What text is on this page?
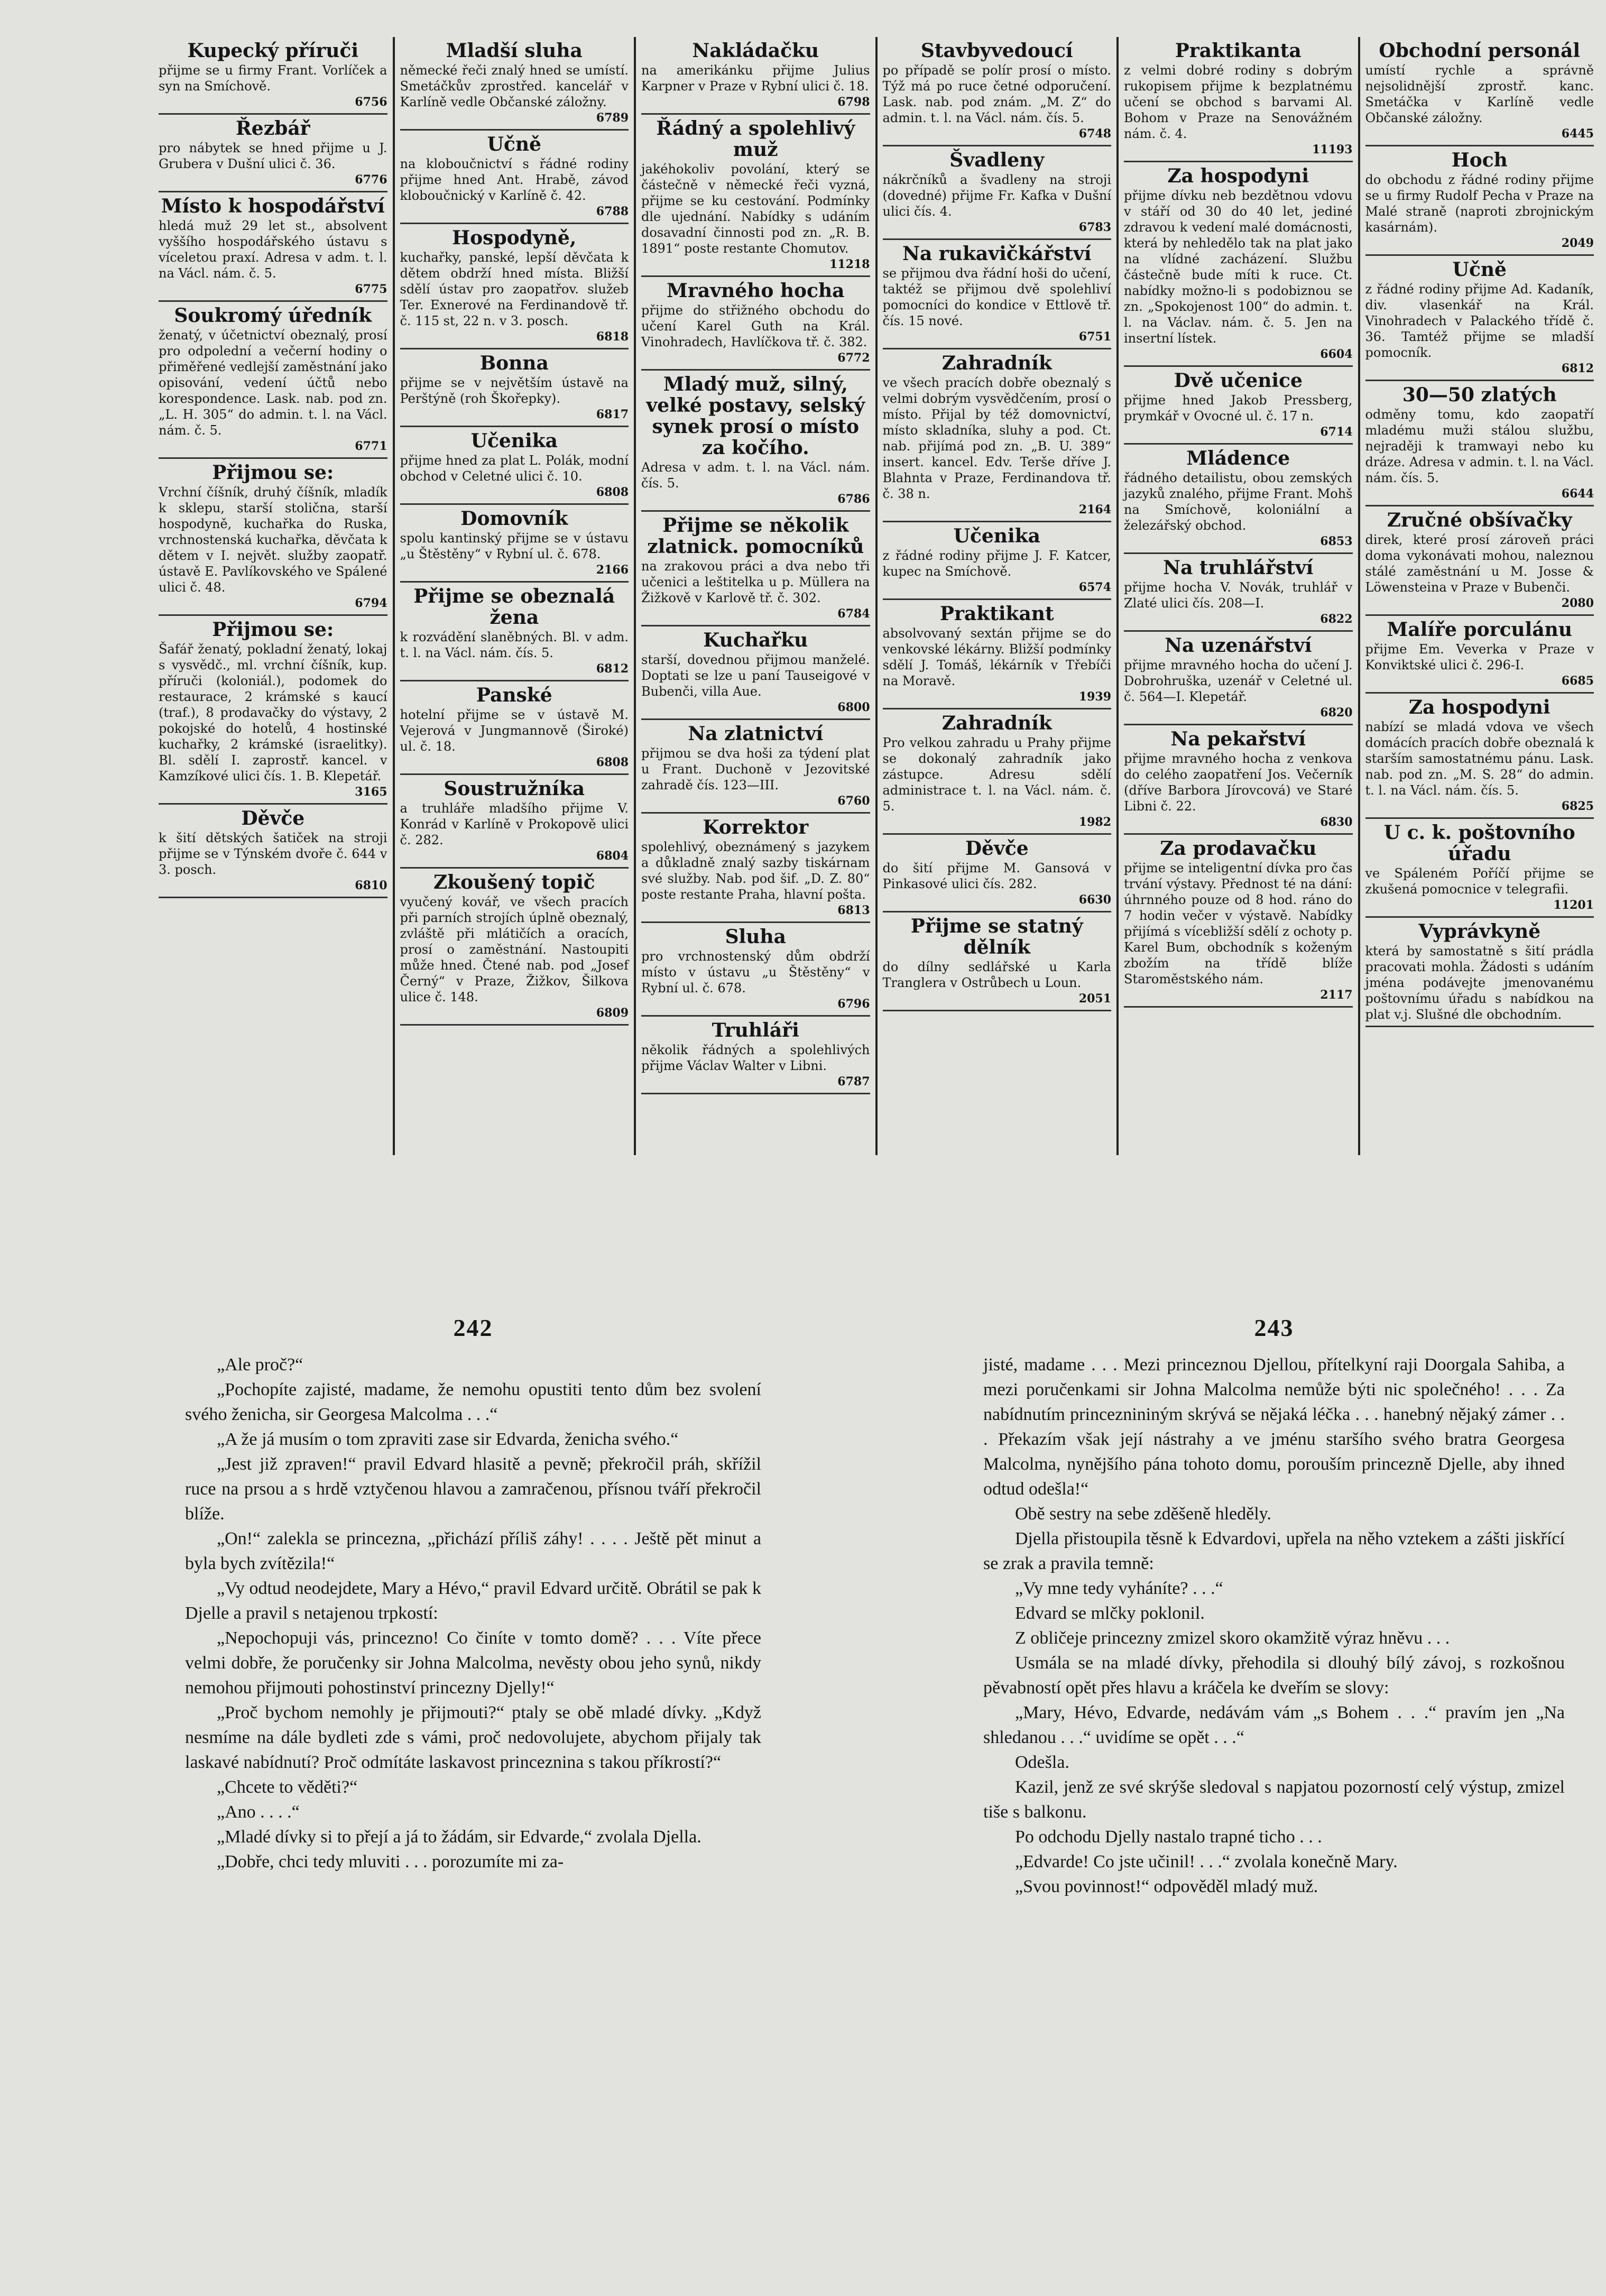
Kupecký příruči
přijme se u firmy Frant. Vorlíček a syn na Smíchově.
6756
Řezbář
pro nábytek se hned přijme u J. Grubera v Dušní ulici č. 36.
6776
Místo k hospodářství
hledá muž 29 let st., absolvent vyššího hospodářského ústavu s víceletou praxí. Adresa v adm. t. l. na Václ. nám. č. 5.
6775
Soukromý úředník
ženatý, v účetnictví obeznalý, prosí pro odpolední a večerní hodiny o přiměřené vedlejší zaměstnání jako opisování, vedení účtů nebo korespondence. Lask. nab. pod zn. „L. H. 305“ do admin. t. l. na Václ. nám. č. 5.
6771
Přijmou se:
Vrchní číšník, druhý číšník, mladík k sklepu, starší stolična, starší hospodyně, kuchařka do Ruska, vrchnostenská kuchařka, děvčata k dětem v I. největ. služby zaopatř. ústavě E. Pavlíkovského ve Spálené ulici č. 48.
6794
Přijmou se:
Šafář ženatý, pokladní ženatý, lokaj s vysvědč., ml. vrchní číšník, kup. příruči (koloniál.), podomek do restaurace, 2 krámské s kaucí (traf.), 8 prodavačky do výstavy, 2 pokojské do hotelů, 4 hostinské kuchařky, 2 krámské (israelitky). Bl. sdělí I. zaprostř. kancel. v Kamzíkové ulici čís. 1. B. Klepetář.
3165
Děvče
k šití dětských šatiček na stroji přijme se v Týnském dvoře č. 644 v 3. posch.
6810
Mladší sluha
německé řeči znalý hned se umístí. Smetáčkův zprostřed. kancelář v Karlíně vedle Občanské záložny.
6789
Učně
na kloboučnictví s řádné rodiny přijme hned Ant. Hrabě, závod kloboučnický v Karlíně č. 42.
6788
Hospodyně,
kuchařky, panské, lepší děvčata k dětem obdrží hned místa. Bližší sdělí ústav pro zaopatřov. služeb Ter. Exnerové na Ferdinandově tř. č. 115 st, 22 n. v 3. posch.
6818
Bonna
přijme se v největším ústavě na Perštýně (roh Škořepky).
6817
Učenika
přijme hned za plat L. Polák, modní obchod v Celetné ulici č. 10.
6808
Domovník
spolu kantinský přijme se v ústavu „u Štěstěny“ v Rybní ul. č. 678.
2166
Přijme se obeznalá žena
k rozvádění slaněbných. Bl. v adm. t. l. na Václ. nám. čís. 5.
6812
Panské
hotelní přijme se v ústavě M. Vejerová v Jungmannově (Široké) ul. č. 18.
6808
Soustružníka
a truhláře mladšího přijme V. Konrád v Karlíně v Prokopově ulici č. 282.
6804
Zkoušený topič
vyučený kovář, ve všech pracích při parních strojích úplně obeznalý, zvláště při mlátičích a oracích, prosí o zaměstnání. Nastoupiti může hned. Čtené nab. pod „Josef Černý“ v Praze, Žižkov, Šilkova ulice č. 148.
6809
Nakládačku
na amerikánku přijme Julius Karpner v Praze v Rybní ulici č. 18.
6798
Řádný a spolehlivý muž
jakéhokoliv povolání, který se částečně v německé řeči vyzná, přijme se ku cestování. Podmínky dle ujednání. Nabídky s udáním dosavadní činnosti pod zn. „R. B. 1891“ poste restante Chomutov.
11218
Mravného hocha
přijme do střižného obchodu do učení Karel Guth na Král. Vinohradech, Havlíčkova tř. č. 382.
6772
Mladý muž, silný, velké postavy, selský synek prosí o místo za kočího.
Adresa v adm. t. l. na Václ. nám. čís. 5.
6786
Přijme se několik zlatnick. pomocníků
na zrakovou práci a dva nebo tři učenici a leštitelka u p. Müllera na Žižkově v Karlově tř. č. 302.
6784
Kuchařku
starší, dovednou přijmou manželé. Doptati se lze u paní Tauseigové v Bubenči, villa Aue.
6800
Na zlatnictví
přijmou se dva hoši za týdení plat u Frant. Duchoně v Jezovitské zahradě čís. 123—III.
6760
Korrektor
spolehlivý, obeznámený s jazykem a důkladně znalý sazby tiskárnam své služby. Nab. pod šif. „D. Z. 80“ poste restante Praha, hlavní pošta.
6813
Sluha
pro vrchnostenský dům obdrží místo v ústavu „u Štěstěny“ v Rybní ul. č. 678.
6796
Truhláři
několik řádných a spolehlivých přijme Václav Walter v Libni.
6787
Stavbyvedoucí
po případě se polír prosí o místo. Týž má po ruce četné odporučení. Lask. nab. pod znám. „M. Z“ do admin. t. l. na Václ. nám. čís. 5.
6748
Švadleny
nákrčníků a švadleny na stroji (dovedné) přijme Fr. Kafka v Dušní ulici čís. 4.
6783
Na rukavičkářství
se přijmou dva řádní hoši do učení, taktéž se přijmou dvě spolehliví pomocníci do kondice v Ettlově tř. čís. 15 nové.
6751
Zahradník
ve všech pracích dobře obeznalý s velmi dobrým vysvědčením, prosí o místo. Přijal by též domovnictví, místo skladníka, sluhy a pod. Ct. nab. přijímá pod zn. „B. U. 389“ insert. kancel. Edv. Terše dříve J. Blahnta v Praze, Ferdinandova tř. č. 38 n.
2164
Učenika
z řádné rodiny přijme J. F. Katcer, kupec na Smíchově.
6574
Praktikant
absolvovaný sextán přijme se do venkovské lékárny. Bližší podmínky sdělí J. Tomáš, lékárník v Třebíči na Moravě.
1939
Zahradník
Pro velkou zahradu u Prahy přijme se dokonalý zahradník jako zástupce. Adresu sdělí administrace t. l. na Václ. nám. č. 5.
1982
Děvče
do šití přijme M. Gansová v Pinkasové ulici čís. 282.
6630
Přijme se statný dělník
do dílny sedlářské u Karla Tranglera v Ostrůbech u Loun.
2051
Praktikanta
z velmi dobré rodiny s dobrým rukopisem přijme k bezplatnému učení se obchod s barvami Al. Bohom v Praze na Senovážném nám. č. 4.
11193
Za hospodyni
přijme dívku neb bezdětnou vdovu v stáří od 30 do 40 let, jediné zdravou k vedení malé domácnosti, která by nehledělo tak na plat jako na vlídné zacházení. Službu částečně bude míti k ruce. Ct. nabídky možno-li s podobiznou se zn. „Spokojenost 100“ do admin. t. l. na Václav. nám. č. 5. Jen na insertní lístek.
6604
Dvě učenice
přijme hned Jakob Pressberg, prymkář v Ovocné ul. č. 17 n.
6714
Mládence
řádného detailistu, obou zemských jazyků znalého, přijme Frant. Mohš na Smíchově, koloniální a železářský obchod.
6853
Na truhlářství
přijme hocha V. Novák, truhlář v Zlaté ulici čís. 208—I.
6822
Na uzenářství
přijme mravného hocha do učení J. Dobrohruška, uzenář v Celetné ul. č. 564—I. Klepetář.
6820
Na pekařství
přijme mravného hocha z venkova do celého zaopatření Jos. Večerník (dříve Barbora Jírovcová) ve Staré Libni č. 22.
6830
Za prodavačku
přijme se inteligentní dívka pro čas trvání výstavy. Přednost té na dání: úhrnného pouze od 8 hod. ráno do 7 hodin večer v výstavě. Nabídky přijímá s vícebližší sdělí z ochoty p. Karel Bum, obchodník s koženým zbožím na třídě blíže Staroměstského nám.
2117
Obchodní personál
umístí rychle a správně nejsolidnější zprostř. kanc. Smetáčka v Karlíně vedle Občanské záložny.
6445
Hoch
do obchodu z řádné rodiny přijme se u firmy Rudolf Pecha v Praze na Malé straně (naproti zbrojnickým kasárnám).
2049
Učně
z řádné rodiny přijme Ad. Kadaník, div. vlasenkář na Král. Vinohradech v Palackého třídě č. 36. Tamtéž přijme se mladší pomocník.
6812
30—50 zlatých
odměny tomu, kdo zaopatří mladému muži stálou službu, nejraději k tramwayi nebo ku dráze. Adresa v admin. t. l. na Václ. nám. čís. 5.
6644
Zručné obšívačky
direk, které prosí zároveň práci doma vykonávati mohou, naleznou stálé zaměstnání u M. Josse & Löwensteina v Praze v Bubenči.
2080
Malíře porculánu
přijme Em. Veverka v Praze v Konviktské ulici č. 296-I.
6685
Za hospodyni
nabízí se mladá vdova ve všech domácích pracích dobře obeznalá k starším samostatnému pánu. Lask. nab. pod zn. „M. S. 28“ do admin. t. l. na Václ. nám. čís. 5.
6825
U c. k. poštovního úřadu
ve Spáleném Poříčí přijme se zkušená pomocnice v telegrafii.
11201
Vyprávkyně
která by samostatně s šití prádla pracovati mohla. Žádosti s udáním jména podávejte jmenovanému poštovnímu úřadu s nabídkou na plat v.j. Slušné dle obchodním.
242

„Ale proč?“

„Pochopíte zajisté, madame, že nemohu opustiti tento dům bez svolení svého ženicha, sir Georgesa Malcolma . . .“

„A že já musím o tom zpraviti zase sir Edvarda, ženicha svého.“

„Jest již zpraven!“ pravil Edvard hlasitě a pevně; překročil práh, skřížil ruce na prsou a s hrdě vztyčenou hlavou a zamračenou, přísnou tváří překročil blíže.

„On!“ zalekla se princezna, „přichází příliš záhy! . . . . Ještě pět minut a byla bych zvítězila!“

„Vy odtud neodejdete, Mary a Hévo,“ pravil Edvard určitě. Obrátil se pak k Djelle a pravil s netajenou trpkostí:

„Nepochopuji vás, princezno! Co činíte v tomto domě? . . . Víte přece velmi dobře, že poručenky sir Johna Malcolma, nevěsty obou jeho synů, nikdy nemohou přijmouti pohostinství princezny Djelly!“

„Proč bychom nemohly je přijmouti?“ ptaly se obě mladé dívky. „Když nesmíme na dále bydleti zde s vámi, proč nedovolujete, abychom přijaly tak laskavé nabídnutí? Proč odmítáte laskavost princeznina s takou příkrostí?“

„Chcete to věděti?“

„Ano . . . .“

„Mladé dívky si to přejí a já to žádám, sir Edvarde,“ zvolala Djella.

„Dobře, chci tedy mluviti . . . porozumíte mi za-

243

jisté, madame . . . Mezi princeznou Djellou, přítelkyní raji Doorgala Sahiba, a mezi poručenkami sir Johna Malcolma nemůže býti nic společného! . . . Za nabídnutím princeznininým skrývá se nějaká léčka . . . hanebný nějaký zámer . . . Překazím však její nástrahy a ve jménu staršího svého bratra Georgesa Malcolma, nynějšího pána tohoto domu, porouším princezně Djelle, aby ihned odtud odešla!“

Obě sestry na sebe zděšeně hleděly.

Djella přistoupila těsně k Edvardovi, upřela na něho vztekem a zášti jiskřící se zrak a pravila temně:

„Vy mne tedy vyháníte? . . .“

Edvard se mlčky poklonil.

Z obličeje princezny zmizel skoro okamžitě výraz hněvu . . .

Usmála se na mladé dívky, přehodila si dlouhý bílý závoj, s rozkošnou pěvabností opět přes hlavu a kráčela ke dveřím se slovy:

„Mary, Hévo, Edvarde, nedávám vám „s Bohem . . .“ pravím jen „Na shledanou . . .“ uvidíme se opět . . .“

Odešla.

Kazil, jenž ze své skrýše sledoval s napjatou pozorností celý výstup, zmizel tiše s balkonu.

Po odchodu Djelly nastalo trapné ticho . . .

„Edvarde! Co jste učinil! . . .“ zvolala konečně Mary.

„Svou povinnost!“ odpověděl mladý muž.
